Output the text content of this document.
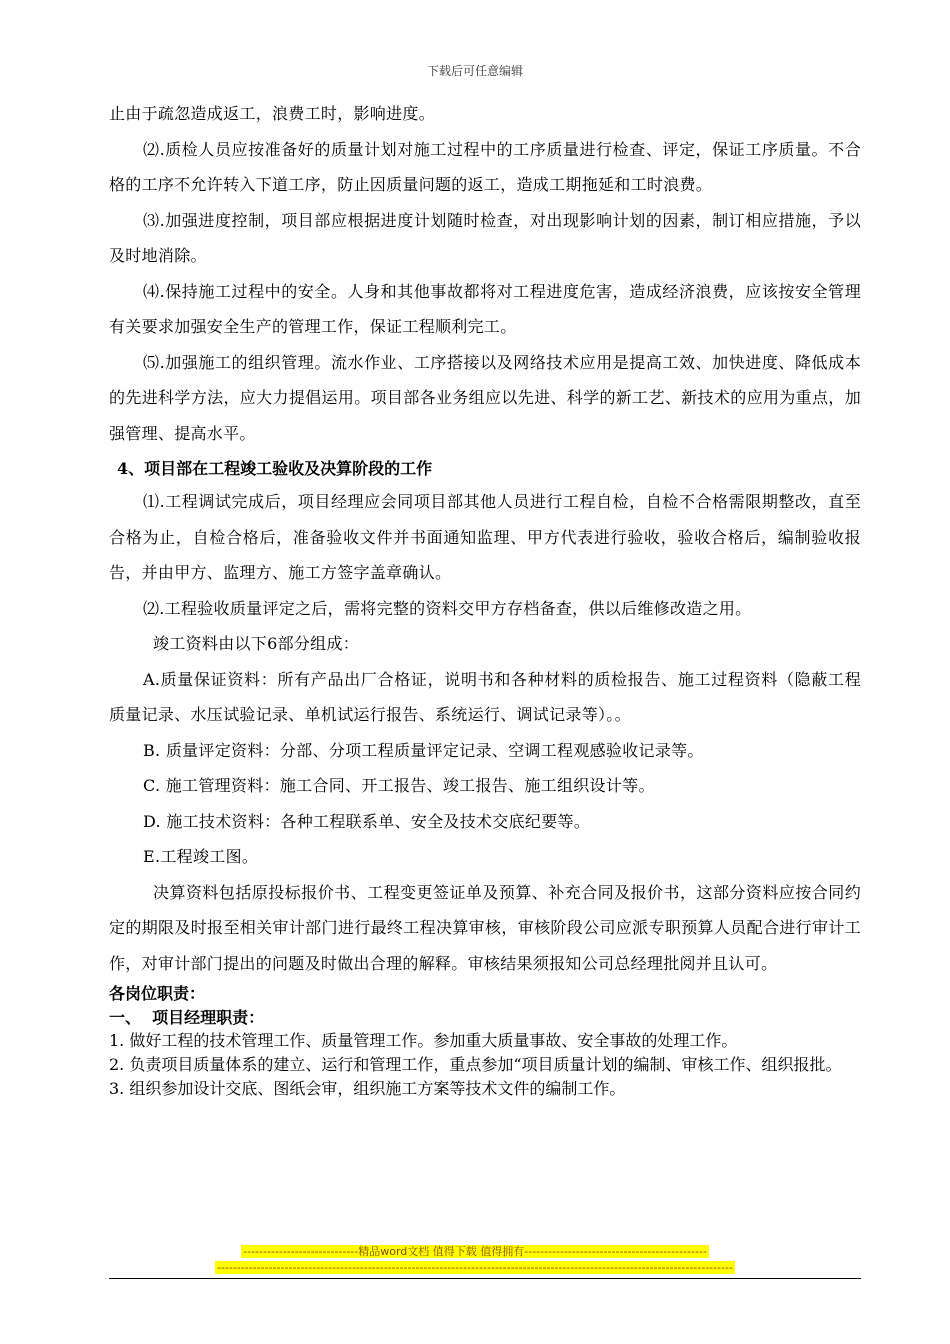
下载后可任意编辑

止由于疏忽造成返工，浪费工时，影响进度。

⑵.质检人员应按准备好的质量计划对施工过程中的工序质量进行检查、评定，保证工序质量。不合格的工序不允许转入下道工序，防止因质量问题的返工，造成工期拖延和工时浪费。

⑶.加强进度控制，项目部应根据进度计划随时检查，对出现影响计划的因素，制订相应措施，予以及时地消除。

⑷.保持施工过程中的安全。人身和其他事故都将对工程进度危害，造成经济浪费，应该按安全管理有关要求加强安全生产的管理工作，保证工程顺利完工。

⑸.加强施工的组织管理。流水作业、工序搭接以及网络技术应用是提高工效、加快进度、降低成本的先进科学方法，应大力提倡运用。项目部各业务组应以先进、科学的新工艺、新技术的应用为重点，加强管理、提高水平。

4、项目部在工程竣工验收及决算阶段的工作

⑴.工程调试完成后，项目经理应会同项目部其他人员进行工程自检，自检不合格需限期整改，直至合格为止，自检合格后，准备验收文件并书面通知监理、甲方代表进行验收，验收合格后，编制验收报告，并由甲方、监理方、施工方签字盖章确认。

⑵.工程验收质量评定之后，需将完整的资料交甲方存档备查，供以后维修改造之用。

竣工资料由以下6部分组成：

A.质量保证资料：所有产品出厂合格证，说明书和各种材料的质检报告、施工过程资料（隐蔽工程质量记录、水压试验记录、单机试运行报告、系统运行、调试记录等）。。

B. 质量评定资料：分部、分项工程质量评定记录、空调工程观感验收记录等。

C. 施工管理资料：施工合同、开工报告、竣工报告、施工组织设计等。

D. 施工技术资料：各种工程联系单、安全及技术交底纪要等。

E.工程竣工图。

决算资料包括原投标报价书、工程变更签证单及预算、补充合同及报价书，这部分资料应按合同约定的期限及时报至相关审计部门进行最终工程决算审核，审核阶段公司应派专职预算人员配合进行审计工作，对审计部门提出的问题及时做出合理的解释。审核结果须报知公司总经理批阅并且认可。

各岗位职责：
一、  项目经理职责：

1. 做好工程的技术管理工作、质量管理工作。参加重大质量事故、安全事故的处理工作。

2. 负责项目质量体系的建立、运行和管理工作，重点参加“项目质量计划的编制、审核工作、组织报批。

3. 组织参加设计交底、图纸会审，组织施工方案等技术文件的编制工作。

-----------------------------精品word文档 值得下载 值得拥有----------------------------------------------
----------------------------------------------------------------------------------------------------------------------------------
